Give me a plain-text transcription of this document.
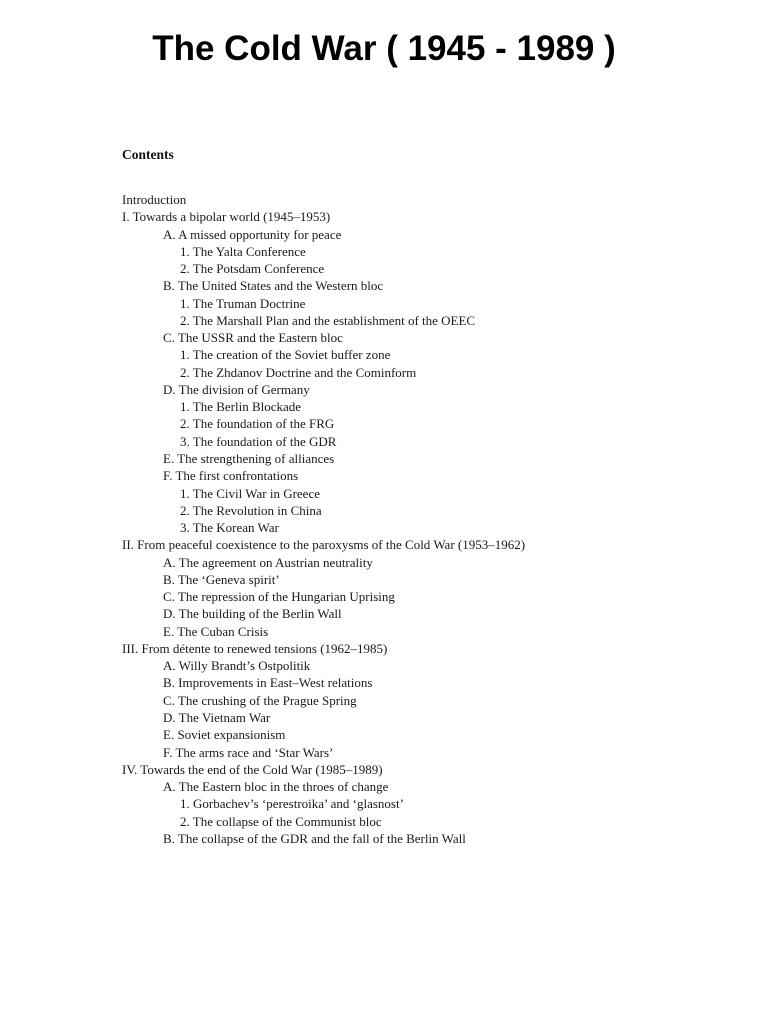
The Cold War ( 1945 - 1989 )
Contents
Introduction
I. Towards a bipolar world (1945–1953)
A. A missed opportunity for peace
1. The Yalta Conference
2. The Potsdam Conference
B. The United States and the Western bloc
1. The Truman Doctrine
2. The Marshall Plan and the establishment of the OEEC
C. The USSR and the Eastern bloc
1. The creation of the Soviet buffer zone
2. The Zhdanov Doctrine and the Cominform
D. The division of Germany
1. The Berlin Blockade
2. The foundation of the FRG
3. The foundation of the GDR
E. The strengthening of alliances
F. The first confrontations
1. The Civil War in Greece
2. The Revolution in China
3. The Korean War
II. From peaceful coexistence to the paroxysms of the Cold War (1953–1962)
A. The agreement on Austrian neutrality
B. The ‘Geneva spirit’
C. The repression of the Hungarian Uprising
D. The building of the Berlin Wall
E. The Cuban Crisis
III. From détente to renewed tensions (1962–1985)
A. Willy Brandt’s Ostpolitik
B. Improvements in East–West relations
C. The crushing of the Prague Spring
D. The Vietnam War
E. Soviet expansionism
F. The arms race and ‘Star Wars’
IV. Towards the end of the Cold War (1985–1989)
A. The Eastern bloc in the throes of change
1. Gorbachev’s ‘perestroika’ and ‘glasnost’
2. The collapse of the Communist bloc
B. The collapse of the GDR and the fall of the Berlin Wall
